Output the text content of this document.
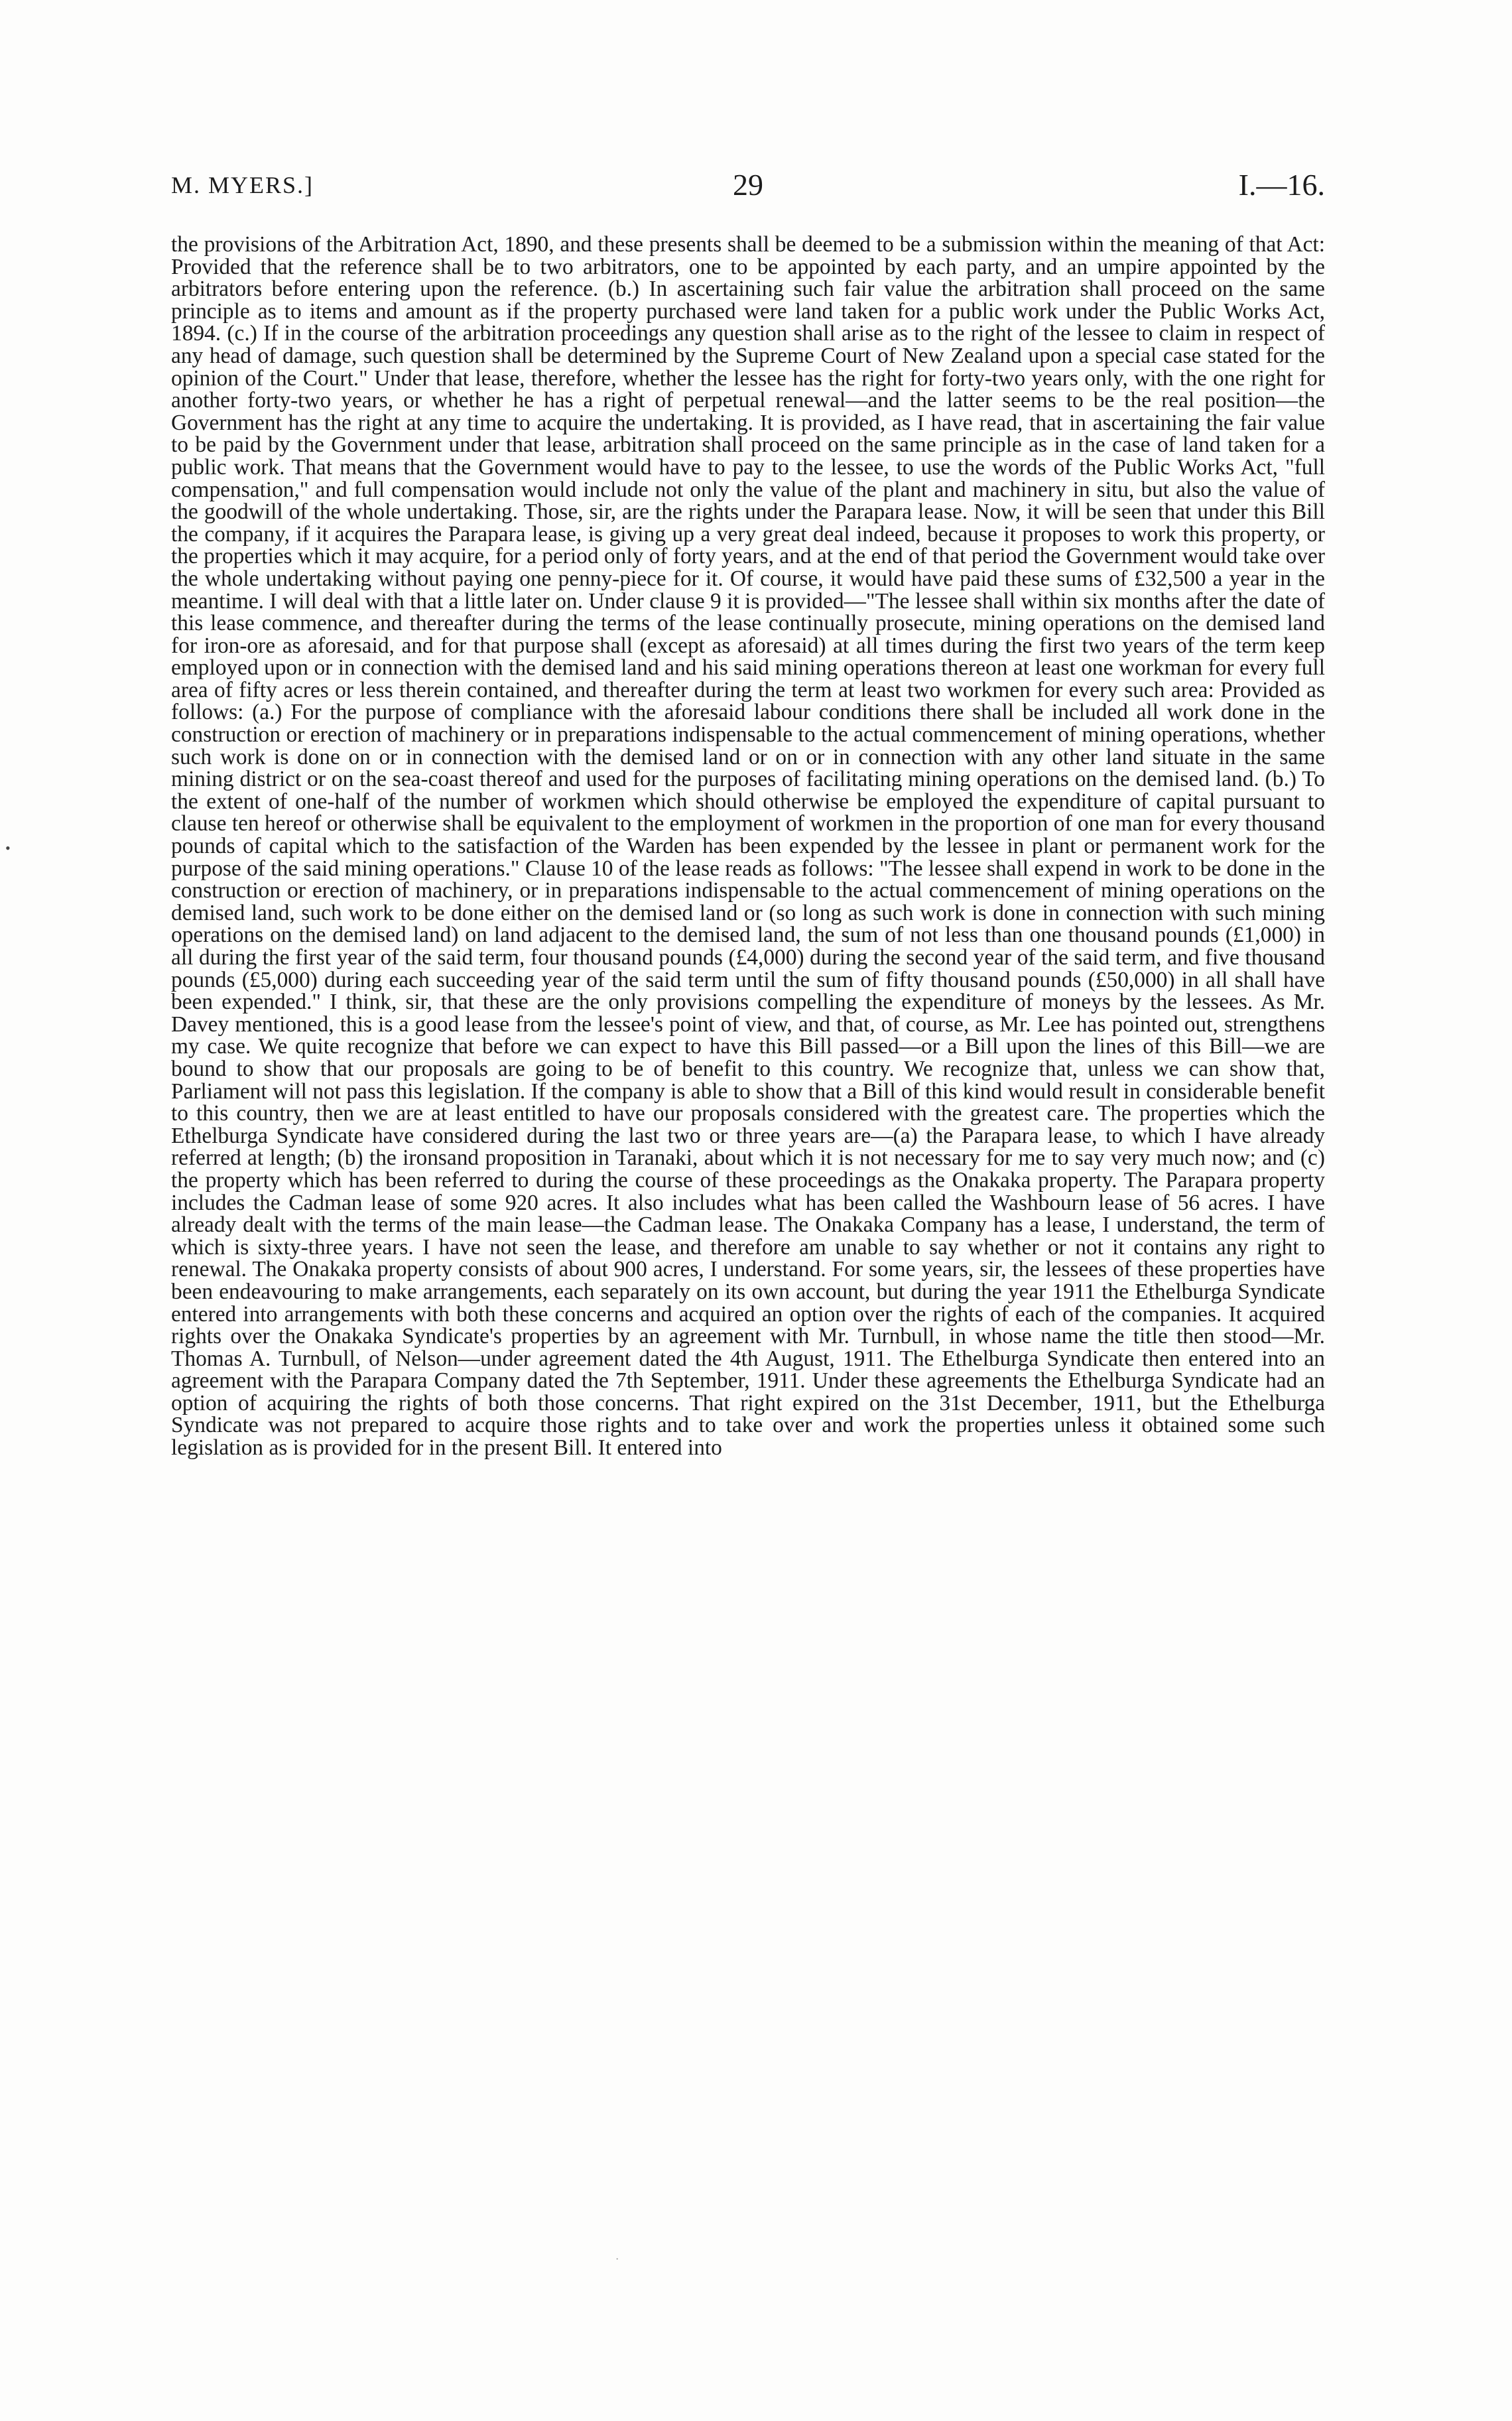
M. MYERS.]	29	I.—16.
the provisions of the Arbitration Act, 1890, and these presents shall be deemed to be a submission within the meaning of that Act: Provided that the reference shall be to two arbitrators, one to be appointed by each party, and an umpire appointed by the arbitrators before entering upon the reference. (b.) In ascertaining such fair value the arbitration shall proceed on the same principle as to items and amount as if the property purchased were land taken for a public work under the Public Works Act, 1894. (c.) If in the course of the arbitration proceedings any question shall arise as to the right of the lessee to claim in respect of any head of damage, such question shall be determined by the Supreme Court of New Zealand upon a special case stated for the opinion of the Court." Under that lease, therefore, whether the lessee has the right for forty-two years only, with the one right for another forty-two years, or whether he has a right of perpetual renewal—and the latter seems to be the real position—the Government has the right at any time to acquire the undertaking. It is provided, as I have read, that in ascertaining the fair value to be paid by the Government under that lease, arbitration shall proceed on the same principle as in the case of land taken for a public work. That means that the Government would have to pay to the lessee, to use the words of the Public Works Act, "full compensation," and full compensation would include not only the value of the plant and machinery in situ, but also the value of the goodwill of the whole undertaking. Those, sir, are the rights under the Parapara lease. Now, it will be seen that under this Bill the company, if it acquires the Parapara lease, is giving up a very great deal indeed, because it proposes to work this property, or the properties which it may acquire, for a period only of forty years, and at the end of that period the Government would take over the whole undertaking without paying one penny-piece for it. Of course, it would have paid these sums of £32,500 a year in the meantime. I will deal with that a little later on. Under clause 9 it is provided—"The lessee shall within six months after the date of this lease commence, and thereafter during the terms of the lease continually prosecute, mining operations on the demised land for iron-ore as aforesaid, and for that purpose shall (except as aforesaid) at all times during the first two years of the term keep employed upon or in connection with the demised land and his said mining operations thereon at least one workman for every full area of fifty acres or less therein contained, and thereafter during the term at least two workmen for every such area: Provided as follows: (a.) For the purpose of compliance with the aforesaid labour conditions there shall be included all work done in the construction or erection of machinery or in preparations indispensable to the actual commencement of mining operations, whether such work is done on or in connection with the demised land or on or in connection with any other land situate in the same mining district or on the sea-coast thereof and used for the purposes of facilitating mining operations on the demised land. (b.) To the extent of one-half of the number of workmen which should otherwise be employed the expenditure of capital pursuant to clause ten hereof or otherwise shall be equivalent to the employment of workmen in the proportion of one man for every thousand pounds of capital which to the satisfaction of the Warden has been expended by the lessee in plant or permanent work for the purpose of the said mining operations." Clause 10 of the lease reads as follows: "The lessee shall expend in work to be done in the construction or erection of machinery, or in preparations indispensable to the actual commencement of mining operations on the demised land, such work to be done either on the demised land or (so long as such work is done in connection with such mining operations on the demised land) on land adjacent to the demised land, the sum of not less than one thousand pounds (£1,000) in all during the first year of the said term, four thousand pounds (£4,000) during the second year of the said term, and five thousand pounds (£5,000) during each succeeding year of the said term until the sum of fifty thousand pounds (£50,000) in all shall have been expended." I think, sir, that these are the only provisions compelling the expenditure of moneys by the lessees. As Mr. Davey mentioned, this is a good lease from the lessee's point of view, and that, of course, as Mr. Lee has pointed out, strengthens my case. We quite recognize that before we can expect to have this Bill passed—or a Bill upon the lines of this Bill—we are bound to show that our proposals are going to be of benefit to this country. We recognize that, unless we can show that, Parliament will not pass this legislation. If the company is able to show that a Bill of this kind would result in considerable benefit to this country, then we are at least entitled to have our proposals considered with the greatest care. The properties which the Ethelburga Syndicate have considered during the last two or three years are—(a) the Parapara lease, to which I have already referred at length; (b) the ironsand proposition in Taranaki, about which it is not necessary for me to say very much now; and (c) the property which has been referred to during the course of these proceedings as the Onakaka property. The Parapara property includes the Cadman lease of some 920 acres. It also includes what has been called the Washbourn lease of 56 acres. I have already dealt with the terms of the main lease—the Cadman lease. The Onakaka Company has a lease, I understand, the term of which is sixty-three years. I have not seen the lease, and therefore am unable to say whether or not it contains any right to renewal. The Onakaka property consists of about 900 acres, I understand. For some years, sir, the lessees of these properties have been endeavouring to make arrangements, each separately on its own account, but during the year 1911 the Ethelburga Syndicate entered into arrangements with both these concerns and acquired an option over the rights of each of the companies. It acquired rights over the Onakaka Syndicate's properties by an agreement with Mr. Turnbull, in whose name the title then stood—Mr. Thomas A. Turnbull, of Nelson—under agreement dated the 4th August, 1911. The Ethelburga Syndicate then entered into an agreement with the Parapara Company dated the 7th September, 1911. Under these agreements the Ethelburga Syndicate had an option of acquiring the rights of both those concerns. That right expired on the 31st December, 1911, but the Ethelburga Syndicate was not prepared to acquire those rights and to take over and work the properties unless it obtained some such legislation as is provided for in the present Bill. It entered into
•
·
